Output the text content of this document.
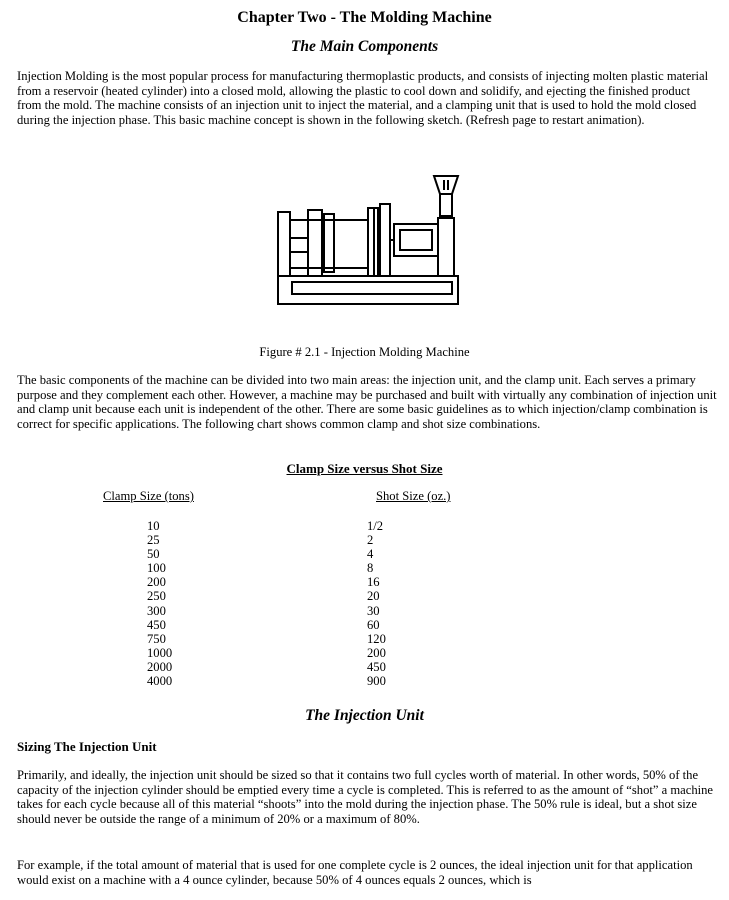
Chapter Two - The Molding Machine
The Main Components

Injection Molding is the most popular process for manufacturing thermoplastic products, and consists of injecting molten plastic material from a reservoir (heated cylinder) into a closed mold, allowing the plastic to cool down and solidify, and ejecting the finished product from the mold. The machine consists of an injection unit to inject the material, and a clamping unit that is used to hold the mold closed during the injection phase. This basic machine concept is shown in the following sketch. (Refresh page to restart animation).

Figure # 2.1 - Injection Molding Machine

The basic components of the machine can be divided into two main areas: the injection unit, and the clamp unit. Each serves a primary purpose and they complement each other. However, a machine may be purchased and built with virtually any combination of injection unit and clamp unit because each unit is independent of the other. There are some basic guidelines as to which injection/clamp combination is correct for specific applications. The following chart shows common clamp and shot size combinations.

Clamp Size versus Shot Size
Clamp Size (tons)	Shot Size (oz.)
10
25
50
100
200
250
300
450
750
1000
2000
4000
1/2
2
4
8
16
20
30
60
120
200
450
900
The Injection Unit
Sizing The Injection Unit

Primarily, and ideally, the injection unit should be sized so that it contains two full cycles worth of material. In other words, 50% of the capacity of the injection cylinder should be emptied every time a cycle is completed. This is referred to as the amount of “shot” a machine takes for each cycle because all of this material “shoots” into the mold during the injection phase. The 50% rule is ideal, but a shot size should never be outside the range of a minimum of 20% or a maximum of 80%.

For example, if the total amount of material that is used for one complete cycle is 2 ounces, the ideal injection unit for that application would exist on a machine with a 4 ounce cylinder, because 50% of 4 ounces equals 2 ounces, which is
